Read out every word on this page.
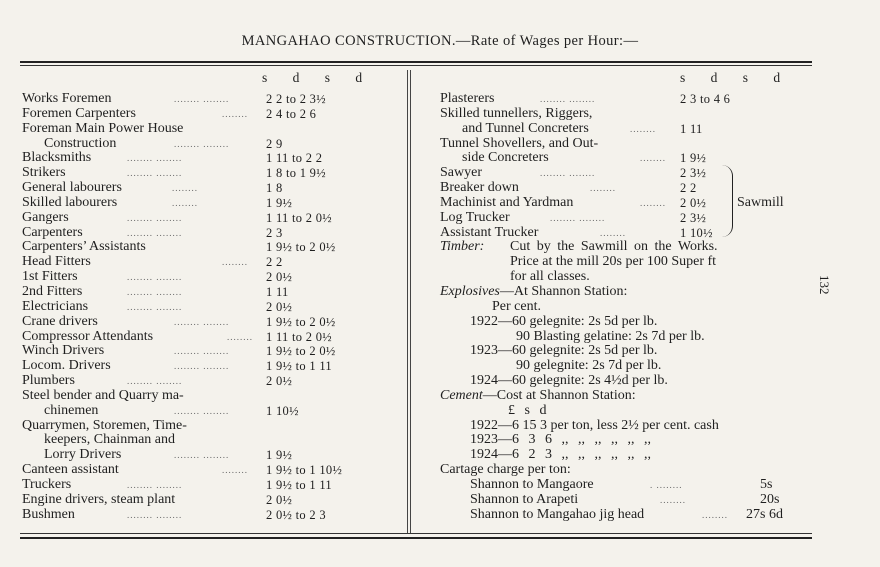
MANGAHAO CONSTRUCTION.—Rate of Wages per Hour:—
s d s d	s d s d
Works Foremen	........ ........	2 2 to 2 3½
Foremen Carpenters	........ 2 4 to 2 6
Foreman Main Power House
Construction	........ ........	2 9
Blacksmiths	........ ........	1 11 to 2 2
Strikers	........ ........	1 8 to 1 9½
General labourers	........	1 8
Skilled labourers	........	1 9½
Gangers	........ ........	1 11 to 2 0½
Carpenters	........ ........	2 3
Carpenters’ Assistants	1 9½ to 2 0½
Head Fitters	........ 2 2
1st Fitters	........ ........	2 0½
2nd Fitters	........ ........	1 11
Electricians	........ ........	2 0½
Crane drivers	........ ........	1 9½ to 2 0½
Compressor Attendants	........ 1 11 to 2 0½
Winch Drivers	........ ........	1 9½ to 2 0½
Locom. Drivers	........ ........	1 9½ to 1 11
Plumbers	........ ........	2 0½
Steel bender and Quarry ma-
chinemen	........ ........	1 10½
Quarrymen, Storemen, Time-
keepers, Chainman and
Lorry Drivers	........ ........	1 9½
Canteen assistant	........ 1 9½ to 1 10½
Truckers	........ ........	1 9½ to 1 11
Engine drivers, steam plant	2 0½
Bushmen	........ ........	2 0½ to 2 3
Plasterers	........ ........	2 3 to 4 6
Skilled tunnellers, Riggers,
and Tunnel Concreters	........ 1 11
Tunnel Shovellers, and Out-
side Concreters	........ 1 9½
Sawyer	........ ........	2 3½
Breaker down	........	2 2
Machinist and Yardman	........ 2 0½
Log Trucker	........ ........	2 3½
Assistant Trucker	........	1 10½
Timber: Cut by the Sawmill on the Works.
Price at the mill 20s per 100 Super ft
for all classes.
Explosives—At Shannon Station:
Per cent.
1922—60 gelegnite: 2s 5d per lb.
90 Blasting gelatine: 2s 7d per lb.
1923—60 gelegnite: 2s 5d per lb.
90 gelegnite: 2s 7d per lb.
1924—60 gelegnite: 2s 4½d per lb.
Cement—Cost at Shannon Station:
£ s d
1922—6 15 3 per ton, less 2½ per cent. cash
1923—6 3 6 ,, ,, ,, ,, ,, ,,
1924—6 2 3 ,, ,, ,, ,, ,, ,,
Cartage charge per ton:
Shannon to Mangaore	. ........	5s
Shannon to Arapeti	........	20s
Shannon to Mangahao jig head	........ 27s 6d
Sawmill
132
